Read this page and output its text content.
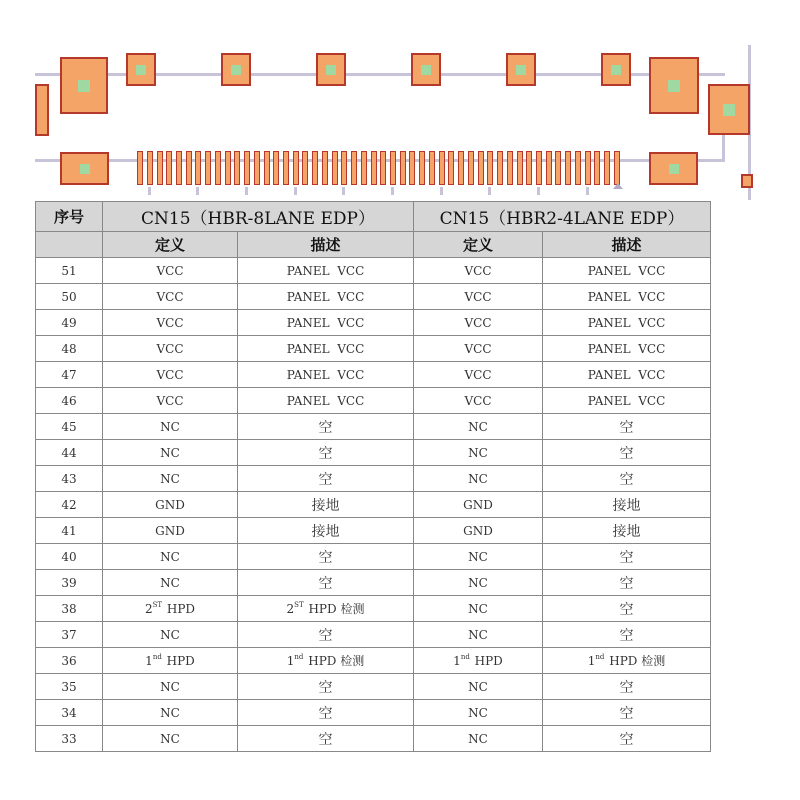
序号	CN15（HBR-8LANE EDP）		CN15（HBR2-4LANE EDP）	
	定义	描述	定义	描述
51	VCC	PANEL  VCC	VCC	PANEL  VCC
50	VCC	PANEL  VCC	VCC	PANEL  VCC
49	VCC	PANEL  VCC	VCC	PANEL  VCC
48	VCC	PANEL  VCC	VCC	PANEL  VCC
47	VCC	PANEL  VCC	VCC	PANEL  VCC
46	VCC	PANEL  VCC	VCC	PANEL  VCC
45	NC	空	NC	空
44	NC	空	NC	空
43	NC	空	NC	空
42	GND	接地	GND	接地
41	GND	接地	GND	接地
40	NC	空	NC	空
39	NC	空	NC	空
38	2ST HPD	2ST HPD 检测	NC	空
37	NC	空	NC	空
36	1nd HPD	1nd HPD 检测	1nd HPD	1nd HPD 检测
35	NC	空	NC	空
34	NC	空	NC	空
33	NC	空	NC	空
